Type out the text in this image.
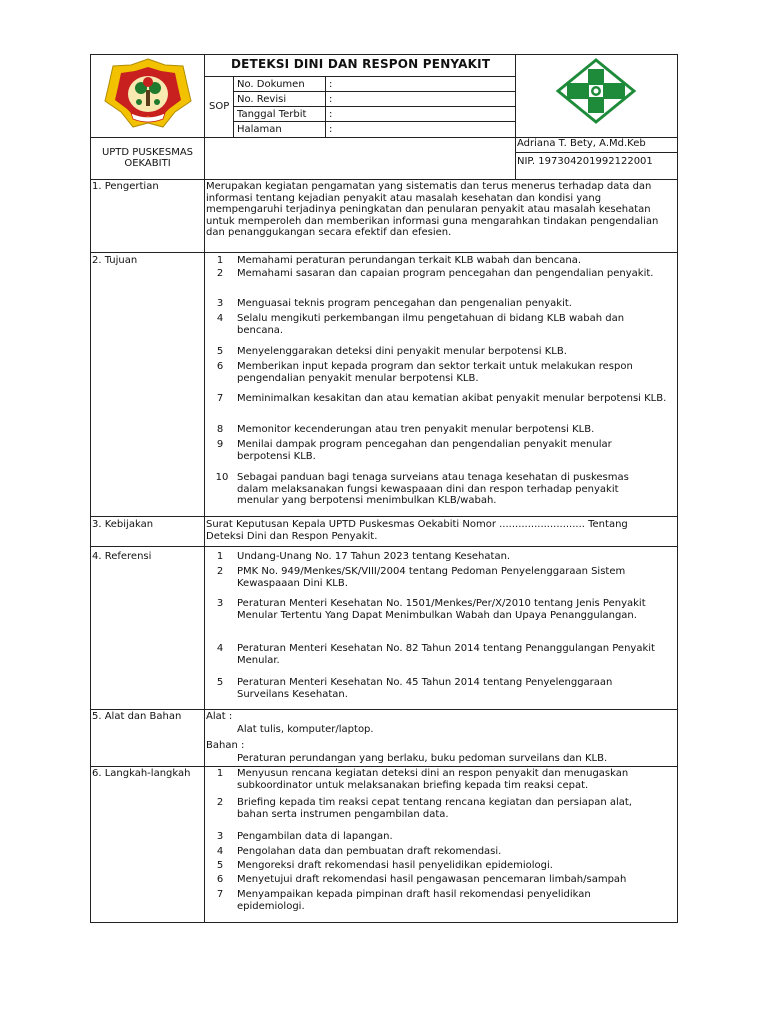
DETEKSI DINI DAN RESPON PENYAKIT
SOP
No. Dokumen :
No. Revisi	:
Tanggal Terbit :
Halaman	:
UPTD PUSKESMAS
OEKABITI
Adriana T. Bety, A.Md.Keb
NIP. 197304201992122001
1. Pengertian	Merupakan kegiatan pengamatan yang sistematis dan terus menerus terhadap data dan informasi tentang kejadian penyakit atau masalah kesehatan dan kondisi yang mempengaruhi terjadinya peningkatan dan penularan penyakit atau masalah kesehatan untuk memperoleh dan memberikan informasi guna mengarahkan tindakan pengendalian dan penanggukangan secara efektif dan efesien.
2. Tujuan	1	Memahami peraturan perundangan terkait KLB wabah dan bencana.
2	Memahami sasaran dan capaian program pencegahan dan pengendalian penyakit.
3	Menguasai teknis program pencegahan dan pengenalian penyakit.
4	Selalu mengikuti perkembangan ilmu pengetahuan di bidang KLB wabah dan bencana.
5	Menyelenggarakan deteksi dini penyakit menular berpotensi KLB.
6	Memberikan input kepada program dan sektor terkait untuk melakukan respon pengendalian penyakit menular berpotensi KLB.
7	Meminimalkan kesakitan dan atau kematian akibat penyakit menular berpotensi KLB.
8	Memonitor kecenderungan atau tren penyakit menular berpotensi KLB.
9	Menilai dampak program pencegahan dan pengendalian penyakit menular berpotensi KLB.
10 Sebagai panduan bagi tenaga surveians atau tenaga kesehatan di puskesmas dalam melaksanakan fungsi kewaspaaan dini dan respon terhadap penyakit menular yang berpotensi menimbulkan KLB/wabah.
3. Kebijakan	Surat Keputusan Kepala UPTD Puskesmas Oekabiti Nomor ........................... Tentang Deteksi Dini dan Respon Penyakit.
4. Referensi	1	Undang-Unang No. 17 Tahun 2023 tentang Kesehatan.
2	PMK No. 949/Menkes/SK/VIII/2004 tentang Pedoman Penyelenggaraan Sistem Kewaspaaan Dini KLB.
3	Peraturan Menteri Kesehatan No. 1501/Menkes/Per/X/2010 tentang Jenis Penyakit Menular Tertentu Yang Dapat Menimbulkan Wabah dan Upaya Penanggulangan.
4	Peraturan Menteri Kesehatan No. 82 Tahun 2014 tentang Penanggulangan Penyakit Menular.
5	Peraturan Menteri Kesehatan No. 45 Tahun 2014 tentang Penyelenggaraan Surveilans Kesehatan.
5. Alat dan Bahan Alat :
Alat tulis, komputer/laptop.
Bahan :
Peraturan perundangan yang berlaku, buku pedoman surveilans dan KLB.
6. Langkah-langkah	1	Menyusun rencana kegiatan deteksi dini an respon penyakit dan menugaskan subkoordinator untuk melaksanakan briefing kepada tim reaksi cepat.
2	Briefing kepada tim reaksi cepat tentang rencana kegiatan dan persiapan alat, bahan serta instrumen pengambilan data.
3	Pengambilan data di lapangan.
4	Pengolahan data dan pembuatan draft rekomendasi.
5	Mengoreksi draft rekomendasi hasil penyelidikan epidemiologi.
6	Menyetujui draft rekomendasi hasil pengawasan pencemaran limbah/sampah
7	Menyampaikan kepada pimpinan draft hasil rekomendasi penyelidikan epidemiologi.
